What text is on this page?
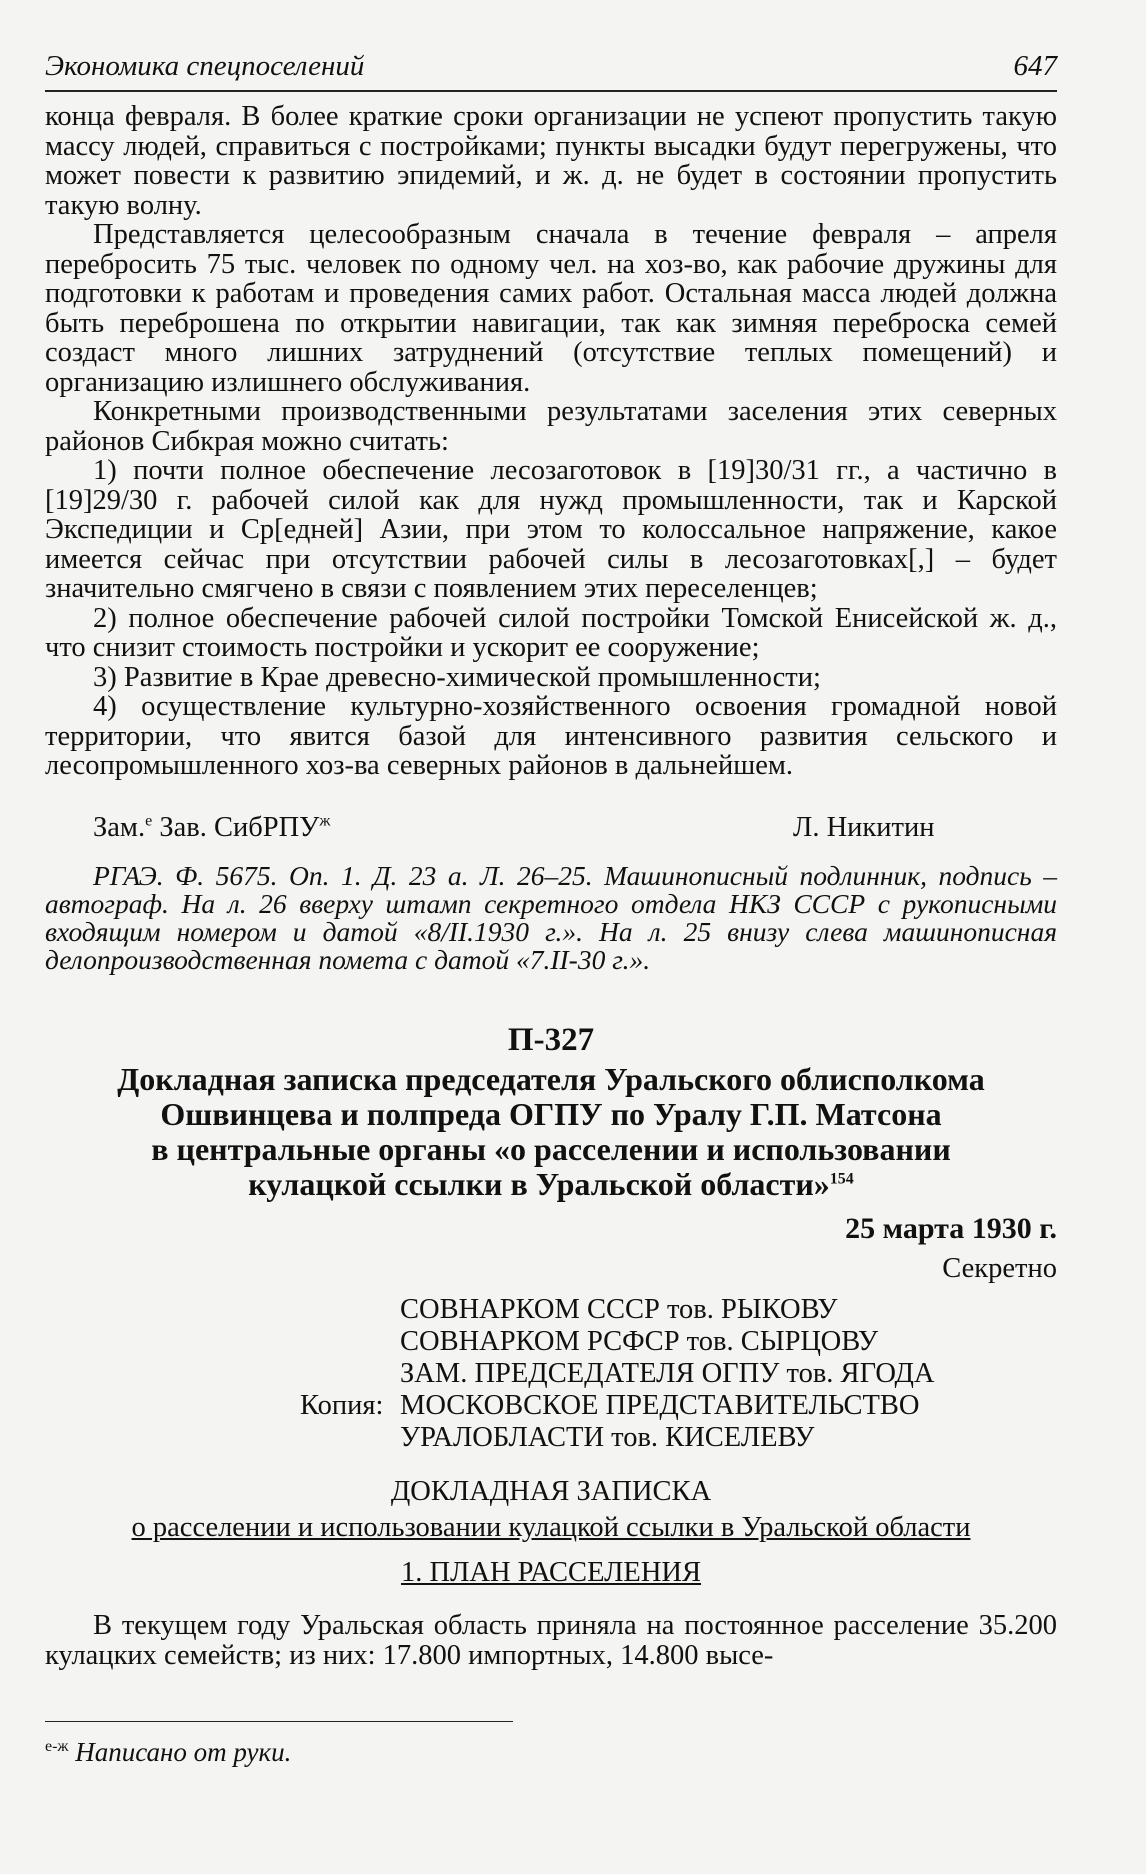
Экономика спецпоселений	647

конца февраля. В более краткие сроки организации не успеют пропустить такую массу людей, справиться с постройками; пункты высадки будут перегружены, что может повести к развитию эпидемий, и ж. д. не будет в состоянии пропустить такую волну.

Представляется целесообразным сначала в течение февраля – апреля перебросить 75 тыс. человек по одному чел. на хоз-во, как рабочие дружины для подготовки к работам и проведения самих работ. Остальная масса людей должна быть переброшена по открытии навигации, так как зимняя переброска семей создаст много лишних затруднений (отсутствие теплых помещений) и организацию излишнего обслуживания.

Конкретными производственными результатами заселения этих северных районов Сибкрая можно считать:

1) почти полное обеспечение лесозаготовок в [19]30/31 гг., а частично в [19]29/30 г. рабочей силой как для нужд промышленности, так и Карской Экспедиции и Ср[едней] Азии, при этом то колоссальное напряжение, какое имеется сейчас при отсутствии рабочей силы в лесозаготовках[,] – будет значительно смягчено в связи с появлением этих переселенцев;

2) полное обеспечение рабочей силой постройки Томской Енисейской ж. д., что снизит стоимость постройки и ускорит ее сооружение;

3) Развитие в Крае древесно-химической промышленности;

4) осуществление культурно-хозяйственного освоения громадной новой территории, что явится базой для интенсивного развития сельского и лесопромышленного хоз-ва северных районов в дальнейшем.

Зам.$^е$ Зав. СибРПУ$^ж$	Л. Никитин

РГАЭ. Ф. 5675. Оп. 1. Д. 23 а. Л. 26–25. Машинописный подлинник, подпись – автограф. На л. 26 вверху штамп секретного отдела НКЗ СССР с рукописными входящим номером и датой «8/II.1930 г.». На л. 25 внизу слева машинописная делопроизводственная помета с датой «7.II-30 г.».

П-327
Докладная записка председателя Уральского облисполкома
Ошвинцева и полпреда ОГПУ по Уралу Г.П. Матсона
в центральные органы «о расселении и использовании
кулацкой ссылки в Уральской области»$^{154}$
25 марта 1930 г.
Секретно
СОВНАРКОМ СССР тов. РЫКОВУ
СОВНАРКОМ РСФСР тов. СЫРЦОВУ
ЗАМ. ПРЕДСЕДАТЕЛЯ ОГПУ тов. ЯГОДА
Копия: МОСКОВСКОЕ ПРЕДСТАВИТЕЛЬСТВО
УРАЛОБЛАСТИ тов. КИСЕЛЕВУ
ДОКЛАДНАЯ ЗАПИСКА
о расселении и использовании кулацкой ссылки в Уральской области
1. ПЛАН РАССЕЛЕНИЯ

В текущем году Уральская область приняла на постоянное расселение 35.200 кулацких семейств; из них: 17.800 импортных, 14.800 высе-

$^{е-ж}$ Написано от руки.
